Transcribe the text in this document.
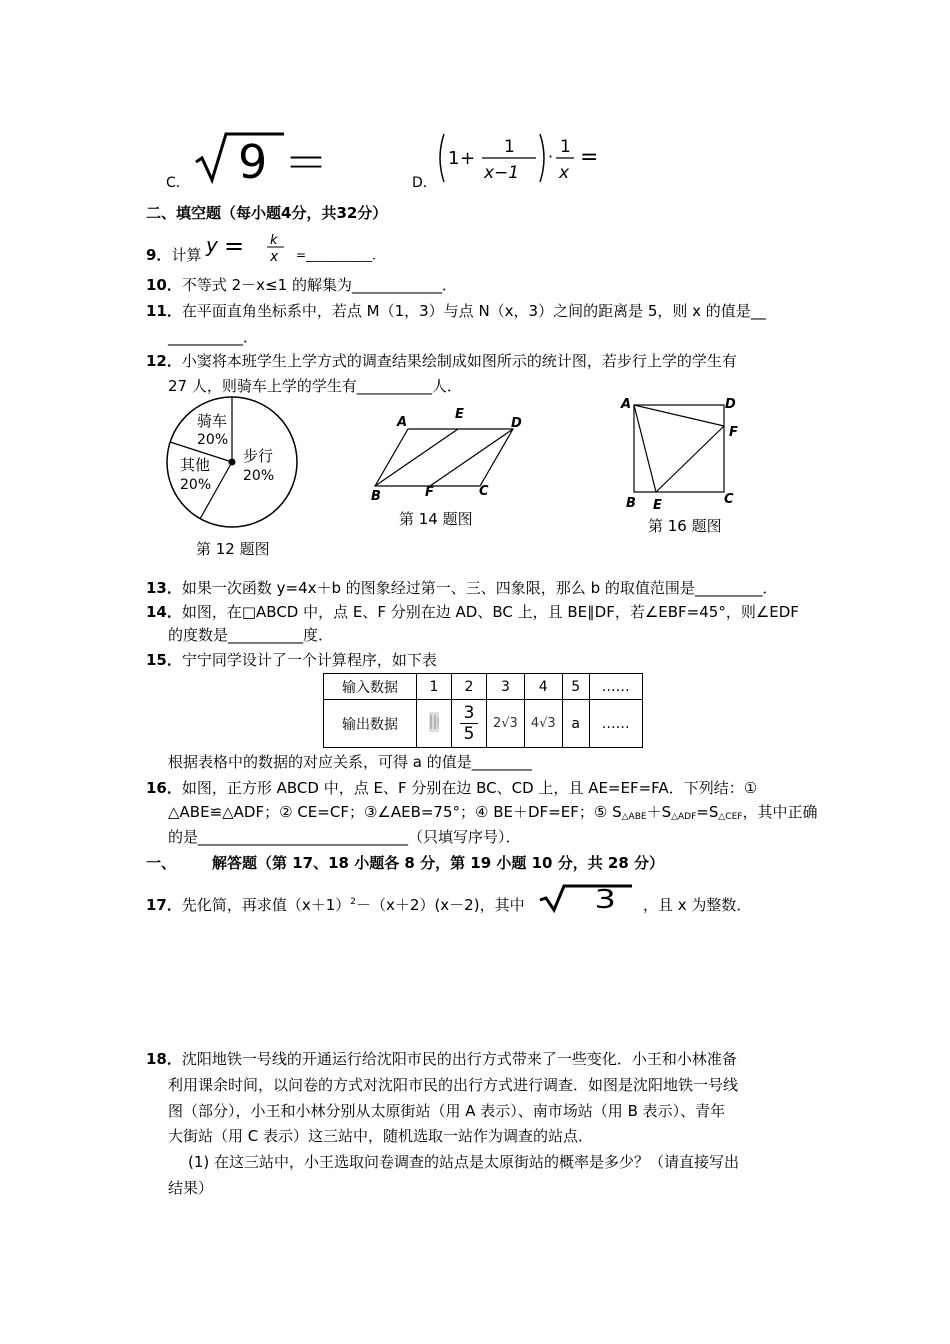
C． 9 ＝	D．
1 +
1
x−1
· 1
x
=
二、填空题（每小题4分，共32分）
9．计算 y = k
x =___________．
10．不等式 2－x≤1 的解集为____________．
11．在平面直角坐标系中，若点 M（1，3）与点 N（x，3）之间的距离是 5，则 x 的值是__
__________．
12．小窦将本班学生上学方式的调查结果绘制成如图所示的统计图，若步行上学的学生有
27 人，则骑车上学的学生有__________人．
骑车
20%
其他
20%
步行
20%
第 12 题图
A
E
D
B	F	C
第 14 题图
A	D
F
B E	C
第 16 题图
13．如果一次函数 y=4x＋b 的图象经过第一、三、四象限，那么 b 的取值范围是_________．
14．如图，在□ABCD 中，点 E、F 分别在边 AD、BC 上，且 BE∥DF，若∠EBF=45°，则∠EDF
的度数是__________度．
15．宁宁同学设计了一个计算程序，如下表
输入数据	1	2	3	4	5	……
输出数据		3
5	2√3	4√3	a	……
根据表格中的数据的对应关系，可得 a 的值是________
16．如图，正方形 ABCD 中，点 E、F 分别在边 BC、CD 上，且 AE=EF=FA．下列结：①
△ABE≌△ADF；② CE=CF；③∠AEB=75°；④ BE＋DF=EF；⑤ $S_{\triangle ABE}+S_{\triangle ADF}=S_{\triangle CEF}$，其中正确
的是____________________________（只填写序号）．
一、 解答题（第 17、18 小题各 8 分，第 19 小题 10 分，共 28 分）
17．先化简，再求值$(x+1)^2-(x+2)(x-2)$，其中	3 ，且 x 为整数．
18．沈阳地铁一号线的开通运行给沈阳市民的出行方式带来了一些变化．小王和小林准备
利用课余时间，以问卷的方式对沈阳市民的出行方式进行调查．如图是沈阳地铁一号线
图（部分），小王和小林分别从太原街站（用 A 表示）、南市场站（用 B 表示）、青年
大街站（用 C 表示）这三站中，随机选取一站作为调查的站点．
(1) 在这三站中，小王选取问卷调查的站点是太原街站的概率是多少？（请直接写出
结果）
